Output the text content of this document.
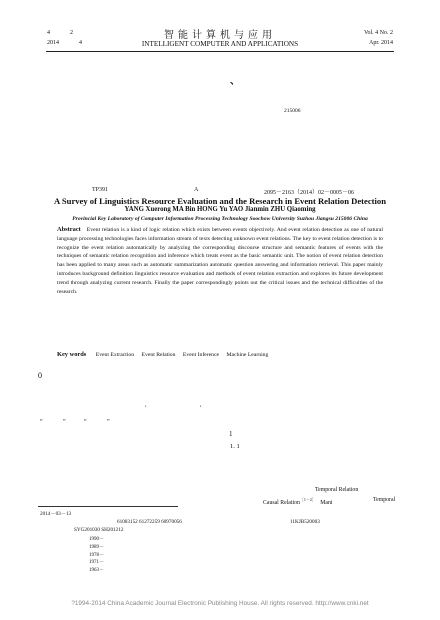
4	2
2014	4
智能计算机与应用
INTELLIGENT COMPUTER AND APPLICATIONS
Vol. 4 No. 2
Apr. 2014
、
215006
TP391	A	2095－2163（2014）02－0005－06
A Survey of Linguistics Resource Evaluation and the Research in Event Relation Detection
YANG Xuerong MA Bin HONG Yu YAO Jianmin ZHU Qiaoming
Provincial Key Laboratory of Computer Information Processing Technology Soochow University Suzhou Jiangsu 215006 China
Abstract Event relation is a kind of logic relation which exists between events objectively. And event relation detection as one of natural language processing technologies faces information stream of texts detecting unknown event relations. The key to event relation detection is to recognize the event relation automatically by analyzing the corresponding discourse structure and semantic features of events with the techniques of semantic relation recognition and inference which treats event as the basic semantic unit. The notion of event relation detection has been applied to many areas such as automatic summarization automatic question answering and information retrieval. This paper mainly introduces background definition linguistics resource evaluation and methods of event relation extraction and explores its future development trend through analyzing current research. Finally the paper correspondingly points out the critical issues and the technical difficulties of the research.
Key words Event Extraction Event Relation Event Inference Machine Learning
0
,	,
“	”	“	”
1
1. 1
Temporal Relation
Causal Relation$^{[1-2]}$   Mani	Temporal
2014－03－13
61003152 61272259 60970056	11KJB520003
SYG201030 SH201212
1990－
1989－
1978－
1971－
1963－
?1994-2014 China Academic Journal Electronic Publishing House. All rights reserved. http://www.cnki.net
